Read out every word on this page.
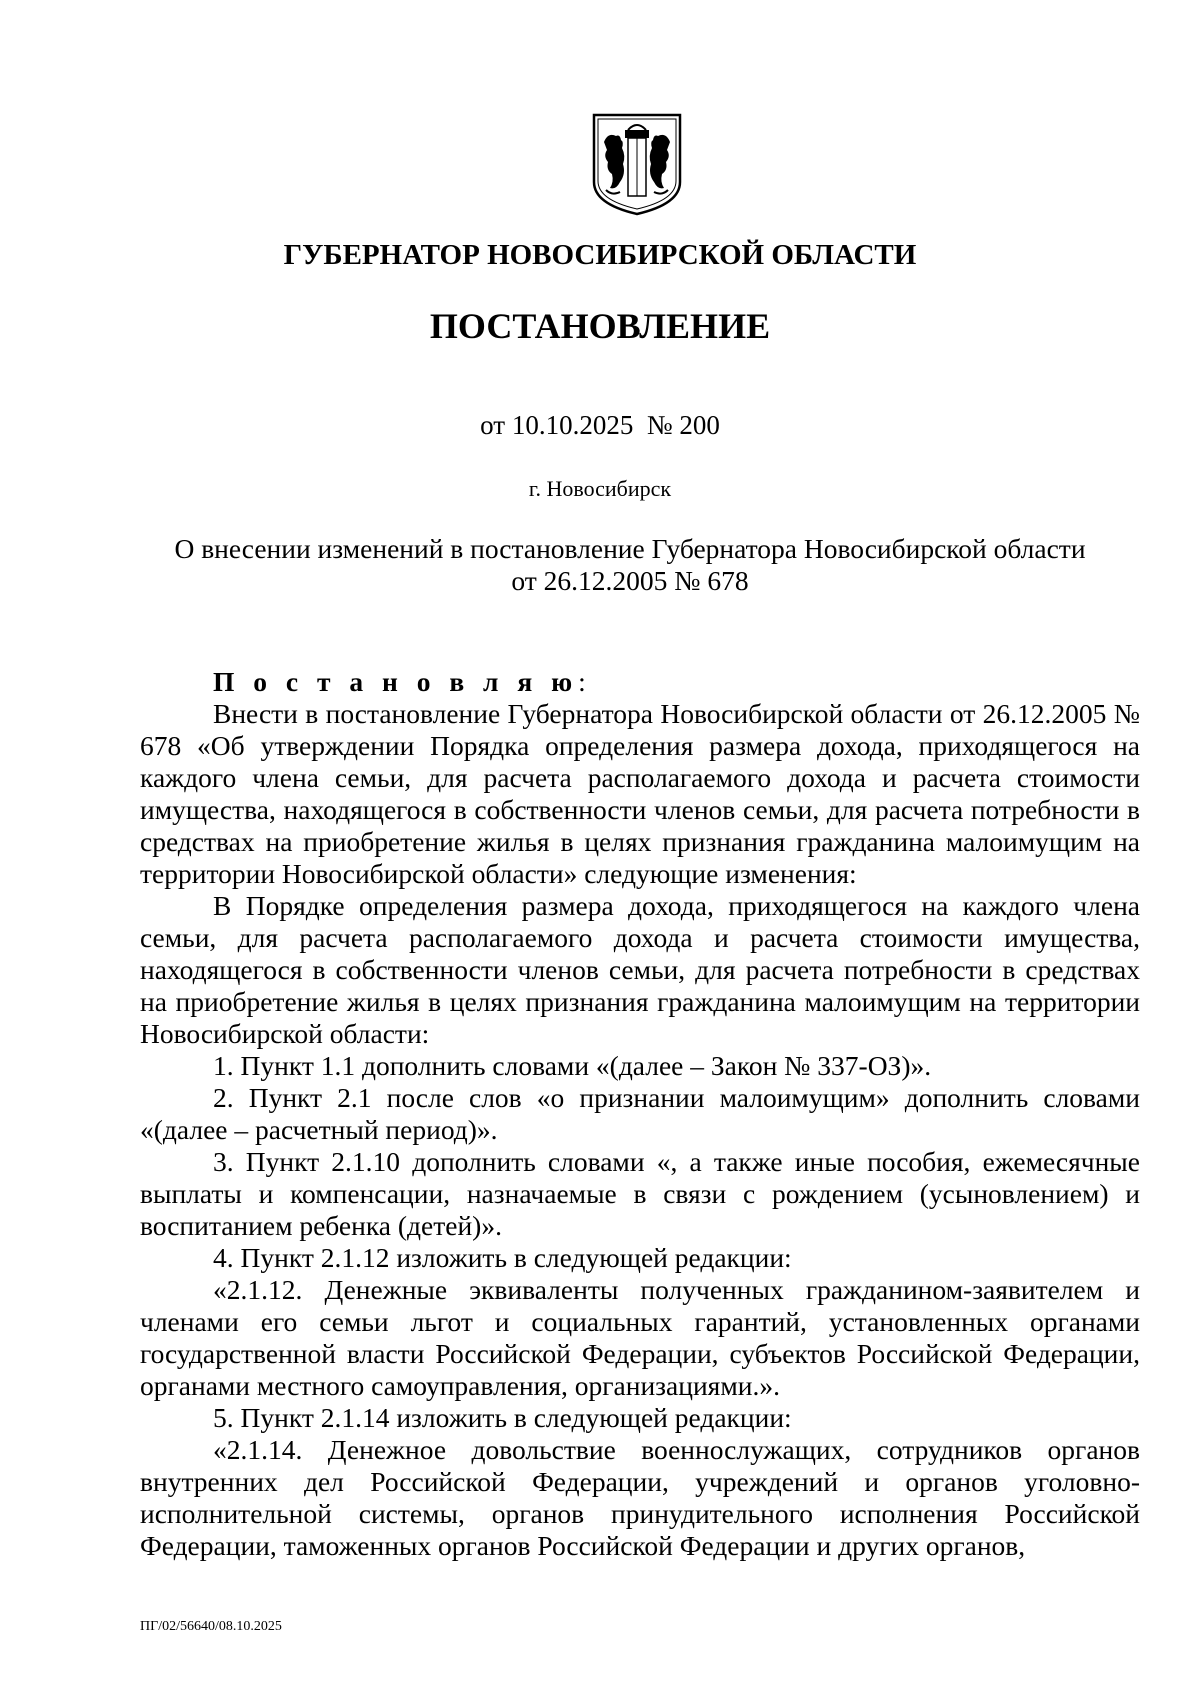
ГУБЕРНАТОР НОВОСИБИРСКОЙ ОБЛАСТИ
ПОСТАНОВЛЕНИЕ
от 10.10.2025  № 200
г. Новосибирск
О внесении изменений в постановление Губернатора Новосибирской области
от 26.12.2005 № 678

П о с т а н о в л я ю:

Внести в постановление Губернатора Новосибирской области от 26.12.2005 № 678 «Об утверждении Порядка определения размера дохода, приходящегося на каждого члена семьи, для расчета располагаемого дохода и расчета стоимости имущества, находящегося в собственности членов семьи, для расчета потребности в средствах на приобретение жилья в целях признания гражданина малоимущим на территории Новосибирской области» следующие изменения:

В Порядке определения размера дохода, приходящегося на каждого члена семьи, для расчета располагаемого дохода и расчета стоимости имущества, находящегося в собственности членов семьи, для расчета потребности в средствах на приобретение жилья в целях признания гражданина малоимущим на территории Новосибирской области:

1. Пункт 1.1 дополнить словами «(далее – Закон № 337-ОЗ)».

2. Пункт 2.1 после слов «о признании малоимущим» дополнить словами «(далее – расчетный период)».

3. Пункт 2.1.10 дополнить словами «, а также иные пособия, ежемесячные выплаты и компенсации, назначаемые в связи с рождением (усыновлением) и воспитанием ребенка (детей)».

4. Пункт 2.1.12 изложить в следующей редакции:

«2.1.12. Денежные эквиваленты полученных гражданином-заявителем и членами его семьи льгот и социальных гарантий, установленных органами государственной власти Российской Федерации, субъектов Российской Федерации, органами местного самоуправления, организациями.».

5. Пункт 2.1.14 изложить в следующей редакции:

«2.1.14. Денежное довольствие военнослужащих, сотрудников органов внутренних дел Российской Федерации, учреждений и органов уголовно-исполнительной системы, органов принудительного исполнения Российской Федерации, таможенных органов Российской Федерации и других органов,

ПГ/02/56640/08.10.2025
